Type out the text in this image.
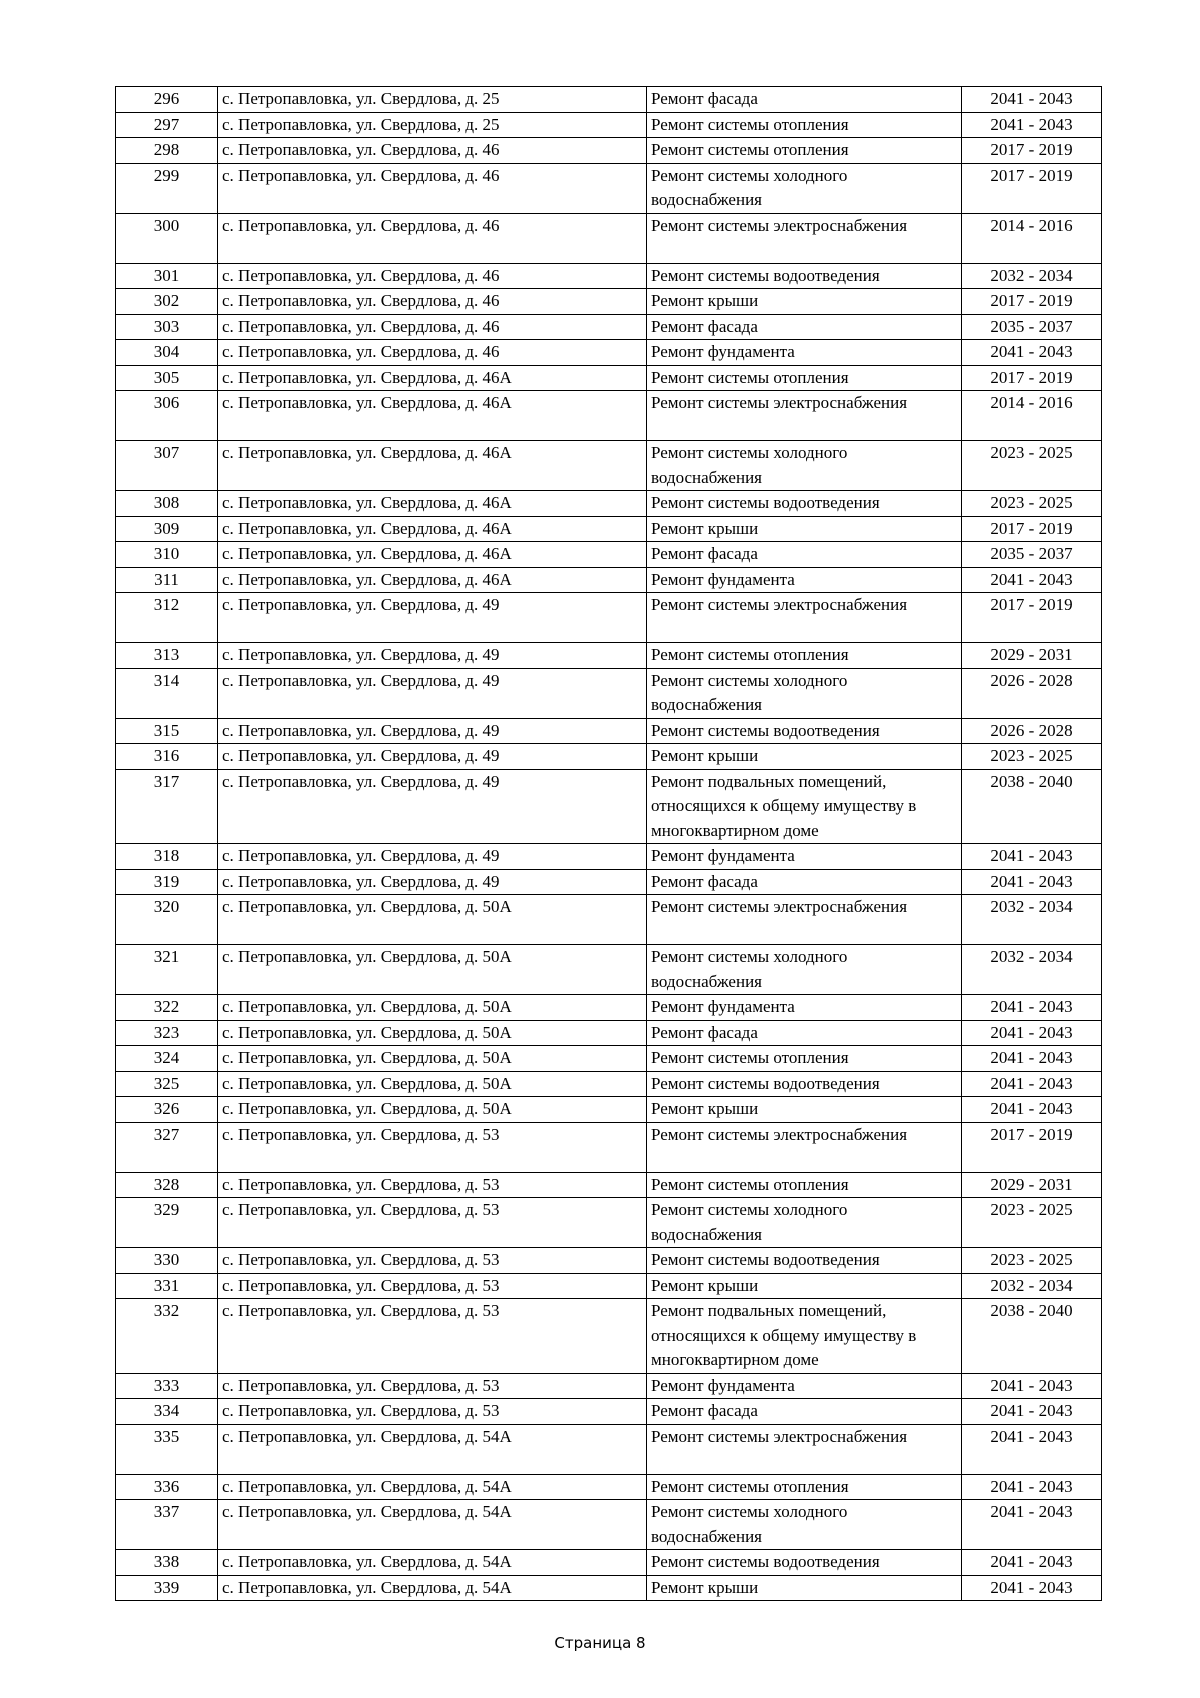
296	с. Петропавловка, ул. Свердлова, д. 25	Ремонт фасада	2041 - 2043
297	с. Петропавловка, ул. Свердлова, д. 25	Ремонт системы отопления	2041 - 2043
298	с. Петропавловка, ул. Свердлова, д. 46	Ремонт системы отопления	2017 - 2019
299	с. Петропавловка, ул. Свердлова, д. 46	Ремонт системы холодного водоснабжения	2017 - 2019
300	с. Петропавловка, ул. Свердлова, д. 46	Ремонт системы электроснабжения	2014 - 2016
301	с. Петропавловка, ул. Свердлова, д. 46	Ремонт системы водоотведения	2032 - 2034
302	с. Петропавловка, ул. Свердлова, д. 46	Ремонт крыши	2017 - 2019
303	с. Петропавловка, ул. Свердлова, д. 46	Ремонт фасада	2035 - 2037
304	с. Петропавловка, ул. Свердлова, д. 46	Ремонт фундамента	2041 - 2043
305	с. Петропавловка, ул. Свердлова, д. 46А	Ремонт системы отопления	2017 - 2019
306	с. Петропавловка, ул. Свердлова, д. 46А	Ремонт системы электроснабжения	2014 - 2016
307	с. Петропавловка, ул. Свердлова, д. 46А	Ремонт системы холодного водоснабжения	2023 - 2025
308	с. Петропавловка, ул. Свердлова, д. 46А	Ремонт системы водоотведения	2023 - 2025
309	с. Петропавловка, ул. Свердлова, д. 46А	Ремонт крыши	2017 - 2019
310	с. Петропавловка, ул. Свердлова, д. 46А	Ремонт фасада	2035 - 2037
311	с. Петропавловка, ул. Свердлова, д. 46А	Ремонт фундамента	2041 - 2043
312	с. Петропавловка, ул. Свердлова, д. 49	Ремонт системы электроснабжения	2017 - 2019
313	с. Петропавловка, ул. Свердлова, д. 49	Ремонт системы отопления	2029 - 2031
314	с. Петропавловка, ул. Свердлова, д. 49	Ремонт системы холодного водоснабжения	2026 - 2028
315	с. Петропавловка, ул. Свердлова, д. 49	Ремонт системы водоотведения	2026 - 2028
316	с. Петропавловка, ул. Свердлова, д. 49	Ремонт крыши	2023 - 2025
317	с. Петропавловка, ул. Свердлова, д. 49	Ремонт подвальных помещений, относящихся к общему имуществу в многоквартирном доме	2038 - 2040
318	с. Петропавловка, ул. Свердлова, д. 49	Ремонт фундамента	2041 - 2043
319	с. Петропавловка, ул. Свердлова, д. 49	Ремонт фасада	2041 - 2043
320	с. Петропавловка, ул. Свердлова, д. 50А	Ремонт системы электроснабжения	2032 - 2034
321	с. Петропавловка, ул. Свердлова, д. 50А	Ремонт системы холодного водоснабжения	2032 - 2034
322	с. Петропавловка, ул. Свердлова, д. 50А	Ремонт фундамента	2041 - 2043
323	с. Петропавловка, ул. Свердлова, д. 50А	Ремонт фасада	2041 - 2043
324	с. Петропавловка, ул. Свердлова, д. 50А	Ремонт системы отопления	2041 - 2043
325	с. Петропавловка, ул. Свердлова, д. 50А	Ремонт системы водоотведения	2041 - 2043
326	с. Петропавловка, ул. Свердлова, д. 50А	Ремонт крыши	2041 - 2043
327	с. Петропавловка, ул. Свердлова, д. 53	Ремонт системы электроснабжения	2017 - 2019
328	с. Петропавловка, ул. Свердлова, д. 53	Ремонт системы отопления	2029 - 2031
329	с. Петропавловка, ул. Свердлова, д. 53	Ремонт системы холодного водоснабжения	2023 - 2025
330	с. Петропавловка, ул. Свердлова, д. 53	Ремонт системы водоотведения	2023 - 2025
331	с. Петропавловка, ул. Свердлова, д. 53	Ремонт крыши	2032 - 2034
332	с. Петропавловка, ул. Свердлова, д. 53	Ремонт подвальных помещений, относящихся к общему имуществу в многоквартирном доме	2038 - 2040
333	с. Петропавловка, ул. Свердлова, д. 53	Ремонт фундамента	2041 - 2043
334	с. Петропавловка, ул. Свердлова, д. 53	Ремонт фасада	2041 - 2043
335	с. Петропавловка, ул. Свердлова, д. 54А	Ремонт системы электроснабжения	2041 - 2043
336	с. Петропавловка, ул. Свердлова, д. 54А	Ремонт системы отопления	2041 - 2043
337	с. Петропавловка, ул. Свердлова, д. 54А	Ремонт системы холодного водоснабжения	2041 - 2043
338	с. Петропавловка, ул. Свердлова, д. 54А	Ремонт системы водоотведения	2041 - 2043
339	с. Петропавловка, ул. Свердлова, д. 54А	Ремонт крыши	2041 - 2043
Страница 8
